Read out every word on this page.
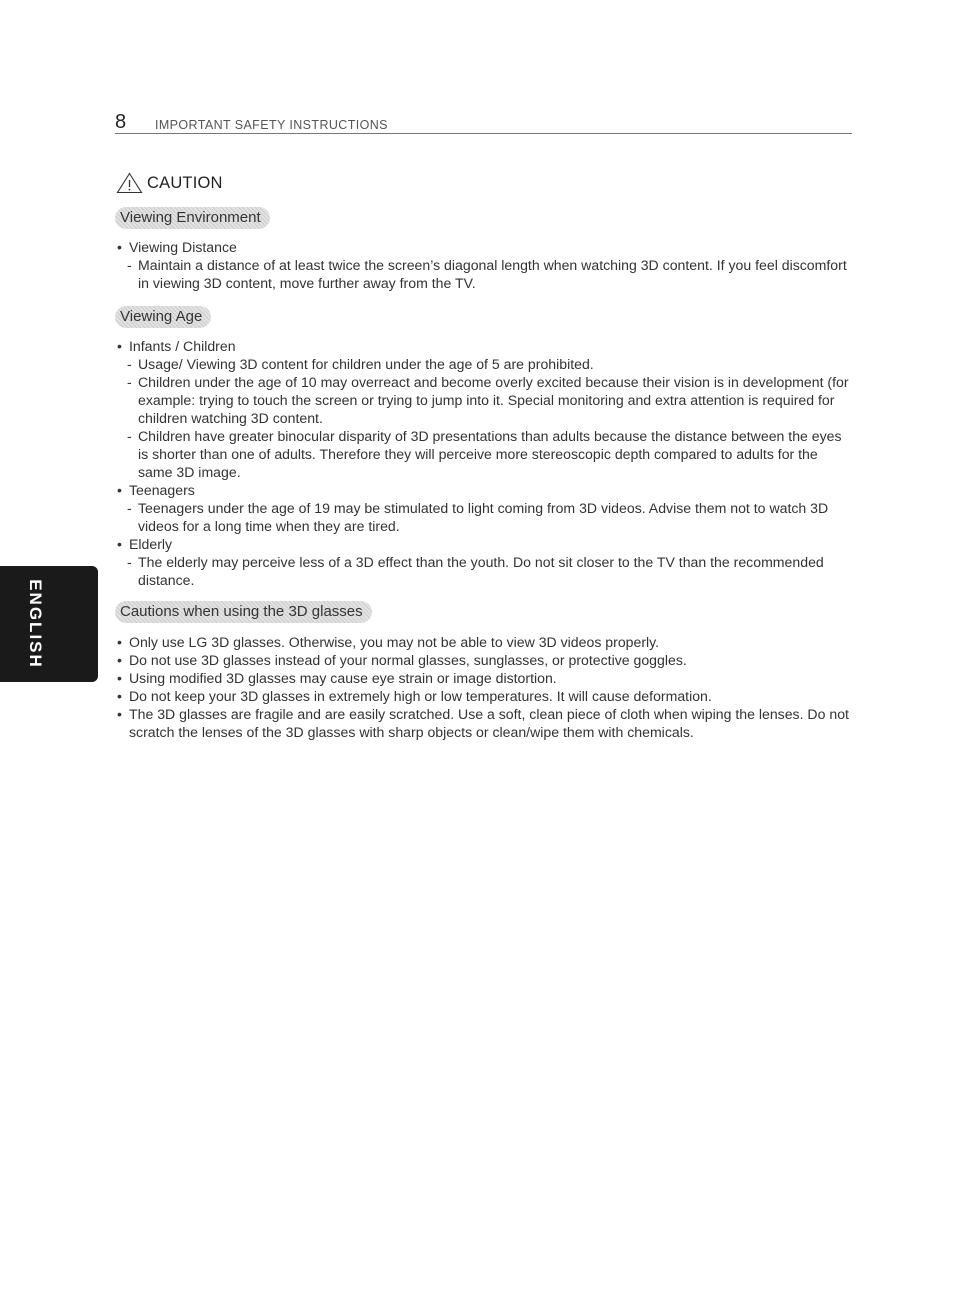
8 IMPORTANT SAFETY INSTRUCTIONS
CAUTION
Viewing Environment
• Viewing Distance
- Maintain a distance of at least twice the screen’s diagonal length when watching 3D content. If you feel discomfort in viewing 3D content, move further away from the TV.
Viewing Age
• Infants / Children
- Usage/ Viewing 3D content for children under the age of 5 are prohibited.
- Children under the age of 10 may overreact and become overly excited because their vision is in development (for example: trying to touch the screen or trying to jump into it. Special monitoring and extra attention is required for children watching 3D content.
- Children have greater binocular disparity of 3D presentations than adults because the distance between the eyes is shorter than one of adults. Therefore they will perceive more stereoscopic depth compared to adults for the same 3D image.
• Teenagers
- Teenagers under the age of 19 may be stimulated to light coming from 3D videos. Advise them not to watch 3D videos for a long time when they are tired.
• Elderly
- The elderly may perceive less of a 3D effect than the youth. Do not sit closer to the TV than the recommended distance.
Cautions when using the 3D glasses
• Only use LG 3D glasses. Otherwise, you may not be able to view 3D videos properly.
• Do not use 3D glasses instead of your normal glasses, sunglasses, or protective goggles.
• Using modified 3D glasses may cause eye strain or image distortion.
• Do not keep your 3D glasses in extremely high or low temperatures. It will cause deformation.
• The 3D glasses are fragile and are easily scratched. Use a soft, clean piece of cloth when wiping the lenses. Do not scratch the lenses of the 3D glasses with sharp objects or clean/wipe them with chemicals.
ENGLISH
